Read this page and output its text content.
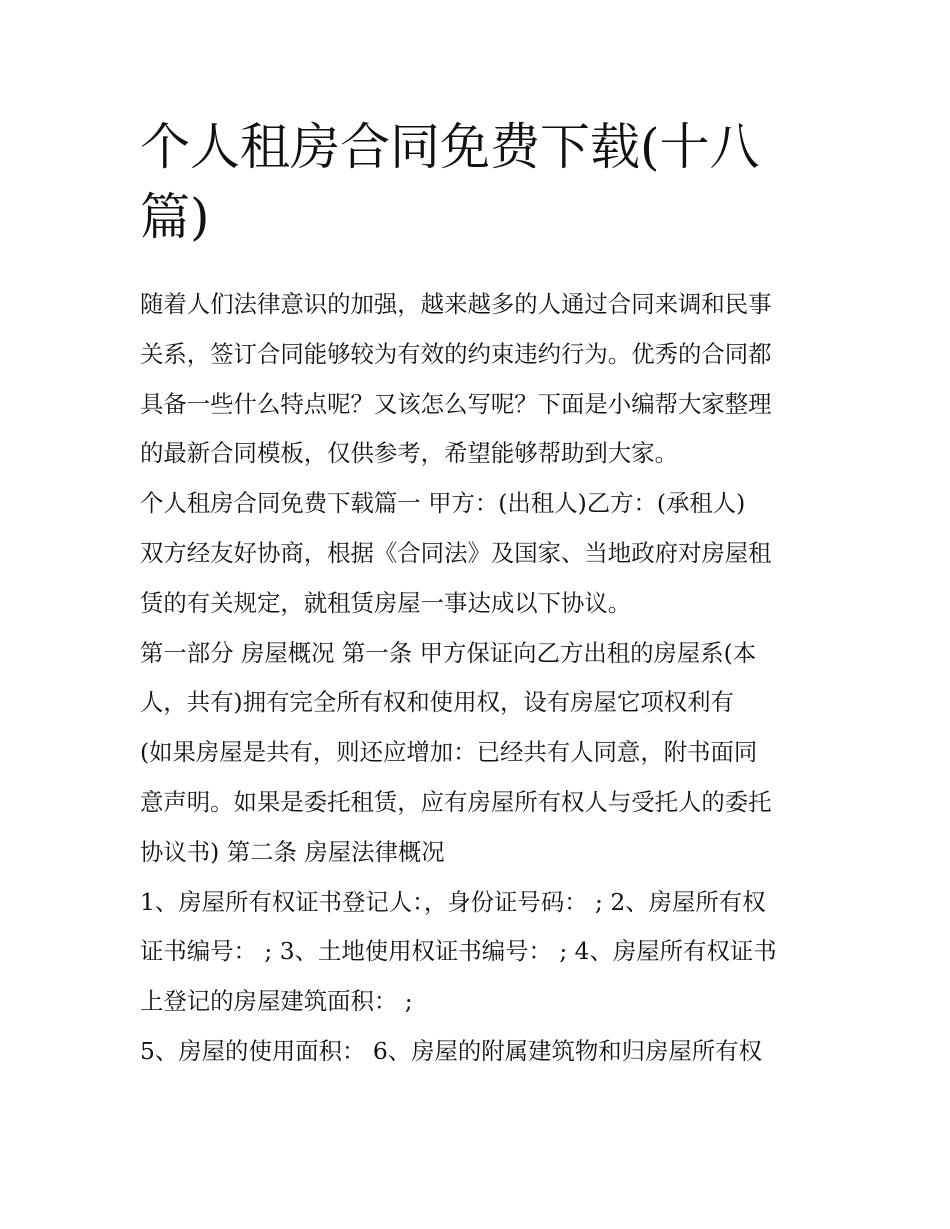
个人租房合同免费下载(十八
篇)
随着人们法律意识的加强，越来越多的人通过合同来调和民事
关系，签订合同能够较为有效的约束违约行为。优秀的合同都
具备一些什么特点呢？又该怎么写呢？下面是小编帮大家整理
的最新合同模板，仅供参考，希望能够帮助到大家。
个人租房合同免费下载篇一 甲方：(出租人)乙方：(承租人)
双方经友好协商，根据《合同法》及国家、当地政府对房屋租
赁的有关规定，就租赁房屋一事达成以下协议。
第一部分 房屋概况 第一条 甲方保证向乙方出租的房屋系(本
人，共有)拥有完全所有权和使用权，设有房屋它项权利有
(如果房屋是共有，则还应增加：已经共有人同意，附书面同
意声明。如果是委托租赁，应有房屋所有权人与受托人的委托
协议书) 第二条 房屋法律概况
1、房屋所有权证书登记人：，身份证号码： ; 2、房屋所有权
证书编号： ; 3、土地使用权证书编号： ; 4、房屋所有权证书
上登记的房屋建筑面积： ;
5、房屋的使用面积： 6、房屋的附属建筑物和归房屋所有权
